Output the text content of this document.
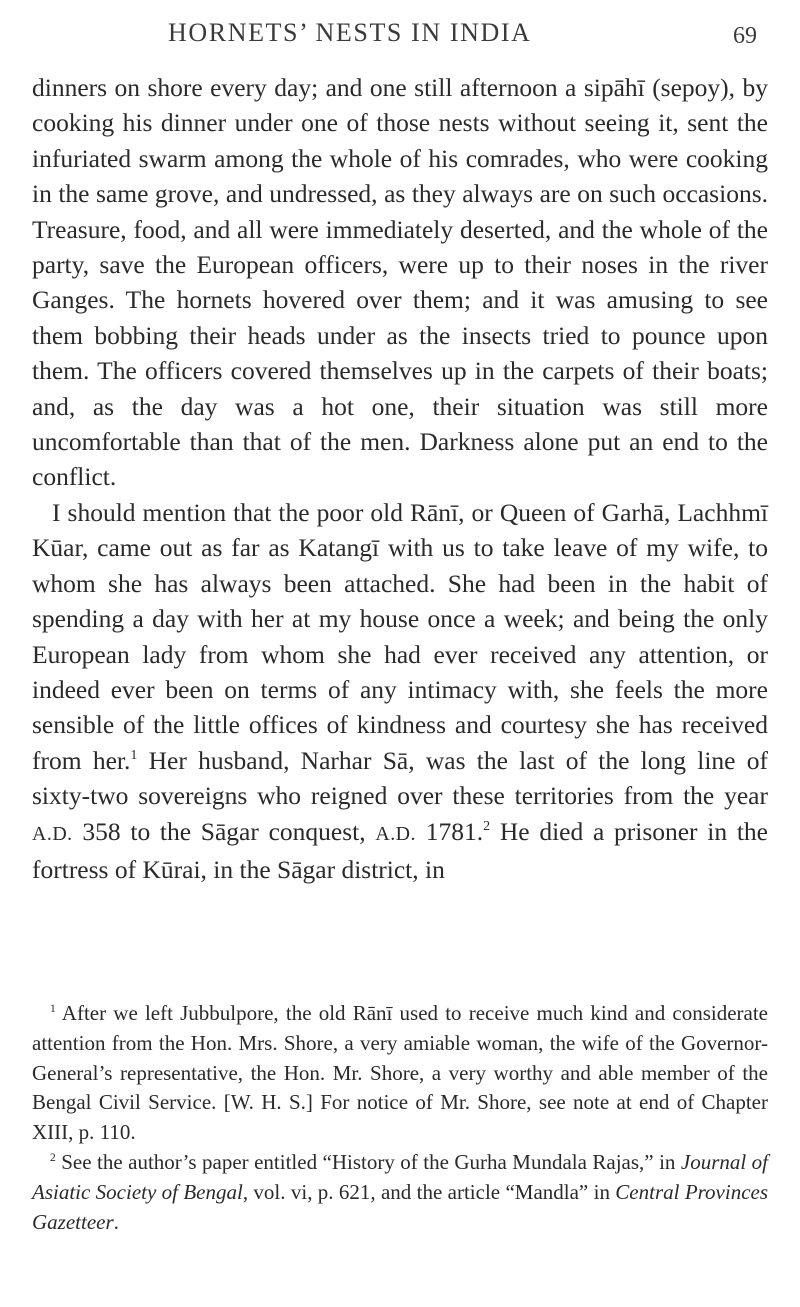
HORNETS’ NESTS IN INDIA	69

dinners on shore every day; and one still afternoon a sipāhī (sepoy), by cooking his dinner under one of those nests without seeing it, sent the infuriated swarm among the whole of his comrades, who were cooking in the same grove, and undressed, as they always are on such occasions. Treasure, food, and all were immediately deserted, and the whole of the party, save the European officers, were up to their noses in the river Ganges. The hornets hovered over them; and it was amusing to see them bobbing their heads under as the insects tried to pounce upon them. The officers covered themselves up in the carpets of their boats; and, as the day was a hot one, their situation was still more uncomfortable than that of the men. Darkness alone put an end to the conflict.

I should mention that the poor old Rānī, or Queen of Garhā, Lachhmī Kūar, came out as far as Katangī with us to take leave of my wife, to whom she has always been attached. She had been in the habit of spending a day with her at my house once a week; and being the only European lady from whom she had ever received any attention, or indeed ever been on terms of any intimacy with, she feels the more sensible of the little offices of kindness and courtesy she has received from her.$^1$ Her husband, Narhar Sā, was the last of the long line of sixty-two sovereigns who reigned over these territories from the year A.D. 358 to the Sāgar conquest, A.D. 1781.$^2$ He died a prisoner in the fortress of Kūrai, in the Sāgar district, in

$^1$ After we left Jubbulpore, the old Rānī used to receive much kind and considerate attention from the Hon. Mrs. Shore, a very amiable woman, the wife of the Governor-General’s representative, the Hon. Mr. Shore, a very worthy and able member of the Bengal Civil Service. [W. H. S.] For notice of Mr. Shore, see note at end of Chapter XIII, p. 110.

$^2$ See the author’s paper entitled “History of the Gurha Mundala Rajas,” in Journal of Asiatic Society of Bengal, vol. vi, p. 621, and the article “Mandla” in Central Provinces Gazetteer.
